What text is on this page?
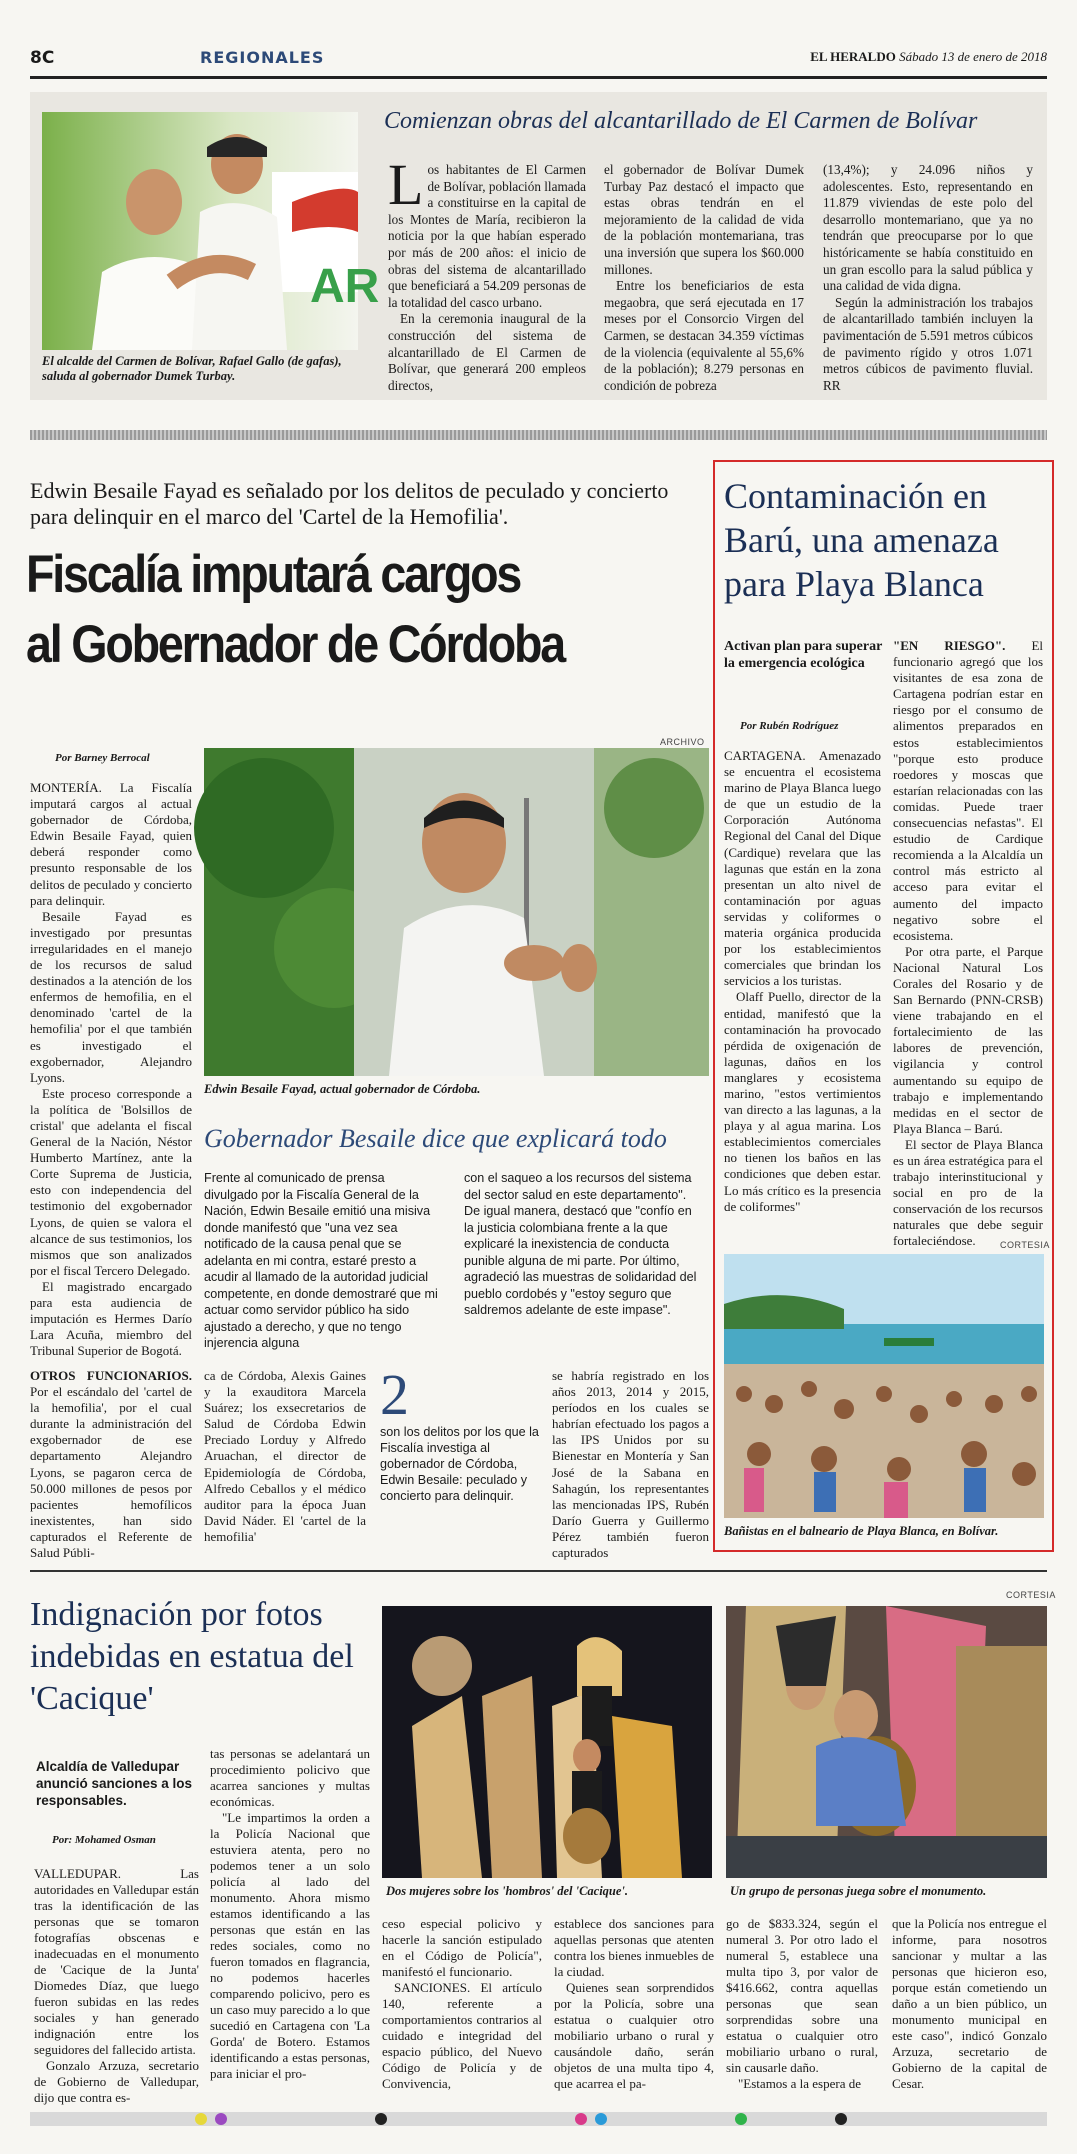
8C	REGIONALES	EL HERALDO Sábado 13 de enero de 2018
AR
El alcalde del Carmen de Bolívar, Rafael Gallo (de gafas), saluda al gobernador Dumek Turbay.
Comienzan obras del alcantarillado de El Carmen de Bolívar

Los habitantes de El Carmen de Bolívar, población llamada a constituirse en la capital de los Montes de María, recibieron la noticia por la que habían esperado por más de 200 años: el inicio de obras del sistema de alcantarillado que beneficiará a 54.209 personas de la totalidad del casco urbano.

En la ceremonia inaugural de la construcción del sistema de alcantarillado de El Carmen de Bolívar, que generará 200 empleos directos,

el gobernador de Bolívar Dumek Turbay Paz destacó el impacto que estas obras tendrán en el mejoramiento de la calidad de vida de la población montemariana, tras una inversión que supera los $60.000 millones.

Entre los beneficiarios de esta megaobra, que será ejecutada en 17 meses por el Consorcio Virgen del Carmen, se destacan 34.359 víctimas de la violencia (equivalente al 55,6% de la población); 8.279 personas en condición de pobreza

(13,4%); y 24.096 niños y adolescentes. Esto, representando en 11.879 viviendas de este polo del desarrollo montemariano, que ya no tendrán que preocuparse por lo que históricamente se había constituido en un gran escollo para la salud pública y una calidad de vida digna.

Según la administración los trabajos de alcantarillado también incluyen la pavimentación de 5.591 metros cúbicos de pavimento rígido y otros 1.071 metros cúbicos de pavimento fluvial. RR

Edwin Besaile Fayad es señalado por los delitos de peculado y concierto para delinquir en el marco del 'Cartel de la Hemofilia'.
Fiscalía imputará cargos
al Gobernador de Córdoba
Por Barney Berrocal
ARCHIVO

MONTERÍA. La Fiscalía imputará cargos al actual gobernador de Córdoba, Edwin Besaile Fayad, quien deberá responder como presunto responsable de los delitos de peculado y concierto para delinquir.

Besaile Fayad es investigado por presuntas irregularidades en el manejo de los recursos de salud destinados a la atención de los enfermos de hemofilia, en el denominado 'cartel de la hemofilia' por el que también es investigado el exgobernador, Alejandro Lyons.

Este proceso corresponde a la política de 'Bolsillos de cristal' que adelanta el fiscal General de la Nación, Néstor Humberto Martínez, ante la Corte Suprema de Justicia, esto con independencia del testimonio del exgobernador Lyons, de quien se valora el alcance de sus testimonios, los mismos que son analizados por el fiscal Tercero Delegado.

El magistrado encargado para esta audiencia de imputación es Hermes Darío Lara Acuña, miembro del Tribunal Superior de Bogotá.

Edwin Besaile Fayad, actual gobernador de Córdoba.
Gobernador Besaile dice que explicará todo
Frente al comunicado de prensa divulgado por la Fiscalía General de la Nación, Edwin Besaile emitió una misiva donde manifestó que "una vez sea notificado de la causa penal que se adelanta en mi contra, estaré presto a acudir al llamado de la autoridad judicial competente, en donde demostraré que mi actuar como servidor público ha sido ajustado a derecho, y que no tengo injerencia alguna
con el saqueo a los recursos del sistema del sector salud en este departamento". De igual manera, destacó que "confío en la justicia colombiana frente a la que explicaré la inexistencia de conducta punible alguna de mi parte. Por último, agradeció las muestras de solidaridad del pueblo cordobés y "estoy seguro que saldremos adelante de este impase".

OTROS FUNCIONARIOS. Por el escándalo del 'cartel de la hemofilia', por el cual durante la administración del exgobernador de ese departamento Alejandro Lyons, se pagaron cerca de 50.000 millones de pesos por pacientes hemofílicos inexistentes, han sido capturados el Referente de Salud Públi-

ca de Córdoba, Alexis Gaines y la exauditora Marcela Suárez; los exsecretarios de Salud de Córdoba Edwin Preciado Lorduy y Alfredo Aruachan, el director de Epidemiología de Córdoba, Alfredo Ceballos y el médico auditor para la época Juan David Náder. El 'cartel de la hemofilia'

2
son los delitos por los que la Fiscalía investiga al gobernador de Córdoba, Edwin Besaile: peculado y concierto para delinquir.

se habría registrado en los años 2013, 2014 y 2015, períodos en los cuales se habrían efectuado los pagos a las IPS Unidos por su Bienestar en Montería y San José de la Sabana en Sahagún, los representantes las mencionadas IPS, Rubén Darío Guerra y Guillermo Pérez también fueron capturados

Contaminación en Barú, una amenaza para Playa Blanca
Activan plan para superar la emergencia ecológica
Por Rubén Rodríguez

CARTAGENA. Amenazado se encuentra el ecosistema marino de Playa Blanca luego de que un estudio de la Corporación Autónoma Regional del Canal del Dique (Cardique) revelara que las lagunas que están en la zona presentan un alto nivel de contaminación por aguas servidas y coliformes o materia orgánica producida por los establecimientos comerciales que brindan los servicios a los turistas.

Olaff Puello, director de la entidad, manifestó que la contaminación ha provocado pérdida de oxigenación de lagunas, daños en los manglares y ecosistema marino, "estos vertimientos van directo a las lagunas, a la playa y al agua marina. Los establecimientos comerciales no tienen los baños en las condiciones que deben estar. Lo más crítico es la presencia de coliformes"

"EN RIESGO". El funcionario agregó que los visitantes de esa zona de Cartagena podrían estar en riesgo por el consumo de alimentos preparados en estos establecimientos "porque esto produce roedores y moscas que estarían relacionadas con las comidas. Puede traer consecuencias nefastas". El estudio de Cardique recomienda a la Alcaldía un control más estricto al acceso para evitar el aumento del impacto negativo sobre el ecosistema.

Por otra parte, el Parque Nacional Natural Los Corales del Rosario y de San Bernardo (PNN-CRSB) viene trabajando en el fortalecimiento de las labores de prevención, vigilancia y control aumentando su equipo de trabajo e implementando medidas en el sector de Playa Blanca – Barú.

El sector de Playa Blanca es un área estratégica para el trabajo interinstitucional y social en pro de la conservación de los recursos naturales que debe seguir fortaleciéndose.	CORTESIA
Bañistas en el balneario de Playa Blanca, en Bolívar.
Indignación por fotos indebidas en estatua del 'Cacique'
Alcaldía de Valledupar anunció sanciones a los responsables.
Por: Mohamed Osman
CORTESIA
Dos mujeres sobre los 'hombros' del 'Cacique'.	Un grupo de personas juega sobre el monumento.

VALLEDUPAR. Las autoridades en Valledupar están tras la identificación de las personas que se tomaron fotografías obscenas e inadecuadas en el monumento de 'Cacique de la Junta' Diomedes Díaz, que luego fueron subidas en las redes sociales y han generado indignación entre los seguidores del fallecido artista.

Gonzalo Arzuza, secretario de Gobierno de Valledupar, dijo que contra es-

tas personas se adelantará un procedimiento policivo que acarrea sanciones y multas económicas.

"Le impartimos la orden a la Policía Nacional que estuviera atenta, pero no podemos tener a un solo policía al lado del monumento. Ahora mismo estamos identificando a las personas que están en las redes sociales, como no fueron tomados en flagrancia, no podemos hacerles comparendo policivo, pero es un caso muy parecido a lo que sucedió en Cartagena con 'La Gorda' de Botero. Estamos identificando a estas personas, para iniciar el pro-

ceso especial policivo y hacerle la sanción estipulado en el Código de Policía", manifestó el funcionario.

SANCIONES. El artículo 140, referente a comportamientos contrarios al cuidado e integridad del espacio público, del Nuevo Código de Policía y de Convivencia,

establece dos sanciones para aquellas personas que atenten contra los bienes inmuebles de la ciudad.

Quienes sean sorprendidos por la Policía, sobre una estatua o cualquier otro mobiliario urbano o rural y causándole daño, serán objetos de una multa tipo 4, que acarrea el pa-

go de $833.324, según el numeral 3. Por otro lado el numeral 5, establece una multa tipo 3, por valor de $416.662, contra aquellas personas que sean sorprendidas sobre una estatua o cualquier otro mobiliario urbano o rural, sin causarle daño.

"Estamos a la espera de

que la Policía nos entregue el informe, para nosotros sancionar y multar a las personas que hicieron eso, porque están cometiendo un daño a un bien público, un monumento municipal en este caso", indicó Gonzalo Arzuza, secretario de Gobierno de la capital de Cesar.
